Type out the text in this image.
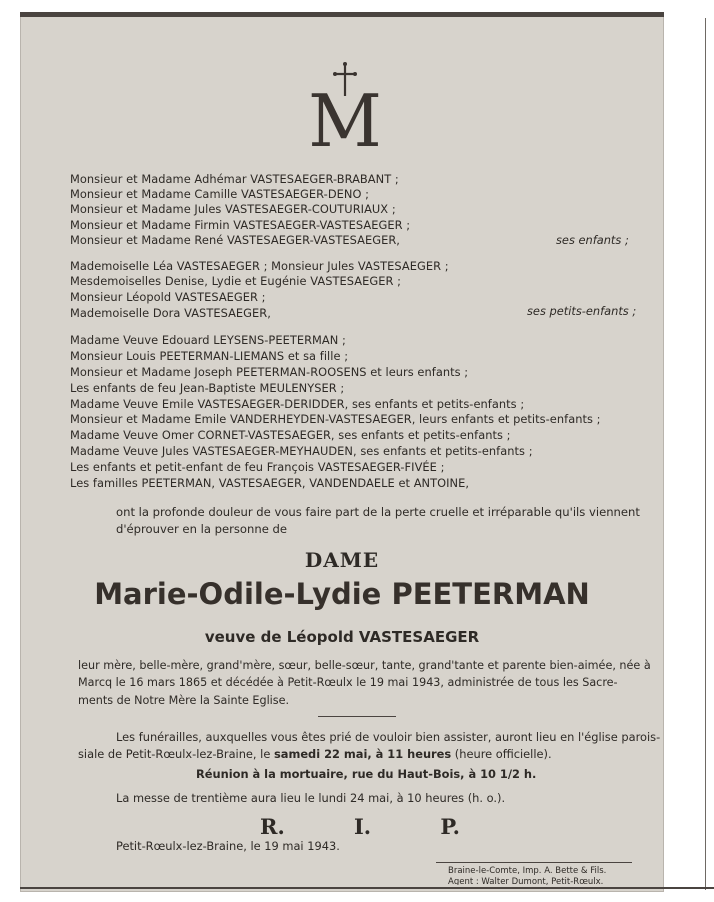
M
Monsieur et Madame Adhémar VASTESAEGER-BRABANT ;
Monsieur et Madame Camille VASTESAEGER-DENO ;
Monsieur et Madame Jules VASTESAEGER-COUTURIAUX ;
Monsieur et Madame Firmin VASTESAEGER-VASTESAEGER ;
Monsieur et Madame René VASTESAEGER-VASTESAEGER,	ses enfants ;
Mademoiselle Léa VASTESAEGER ; Monsieur Jules VASTESAEGER ;
Mesdemoiselles Denise, Lydie et Eugénie VASTESAEGER ;
Monsieur Léopold VASTESAEGER ;
Mademoiselle Dora VASTESAEGER,	ses petits-enfants ;
Madame Veuve Edouard LEYSENS-PEETERMAN ;
Monsieur Louis PEETERMAN-LIEMANS et sa fille ;
Monsieur et Madame Joseph PEETERMAN-ROOSENS et leurs enfants ;
Les enfants de feu Jean-Baptiste MEULENYSER ;
Madame Veuve Emile VASTESAEGER-DERIDDER, ses enfants et petits-enfants ;
Monsieur et Madame Emile VANDERHEYDEN-VASTESAEGER, leurs enfants et petits-enfants ;
Madame Veuve Omer CORNET-VASTESAEGER, ses enfants et petits-enfants ;
Madame Veuve Jules VASTESAEGER-MEYHAUDEN, ses enfants et petits-enfants ;
Les enfants et petit-enfant de feu François VASTESAEGER-FIVÉE ;
Les familles PEETERMAN, VASTESAEGER, VANDENDAELE et ANTOINE,
ont la profonde douleur de vous faire part de la perte cruelle et irréparable qu'ils viennent
d'éprouver en la personne de
DAME
Marie-Odile-Lydie PEETERMAN
veuve de Léopold VASTESAEGER
leur mère, belle-mère, grand'mère, sœur, belle-sœur, tante, grand'tante et parente bien-aimée, née à
Marcq le 16 mars 1865 et décédée à Petit-Rœulx le 19 mai 1943, administrée de tous les Sacre-
ments de Notre Mère la Sainte Eglise.
Les funérailles, auxquelles vous êtes prié de vouloir bien assister, auront lieu en l'église parois-
siale de Petit-Rœulx-lez-Braine, le samedi 22 mai, à 11 heures (heure officielle).
Réunion à la mortuaire, rue du Haut-Bois, à 10 1/2 h.
La messe de trentième aura lieu le lundi 24 mai, à 10 heures (h. o.).
R.	I.	P.
Petit-Rœulx-lez-Braine, le 19 mai 1943.
Braine-le-Comte, Imp. A. Bette & Fils.
Agent : Walter Dumont, Petit-Rœulx.
